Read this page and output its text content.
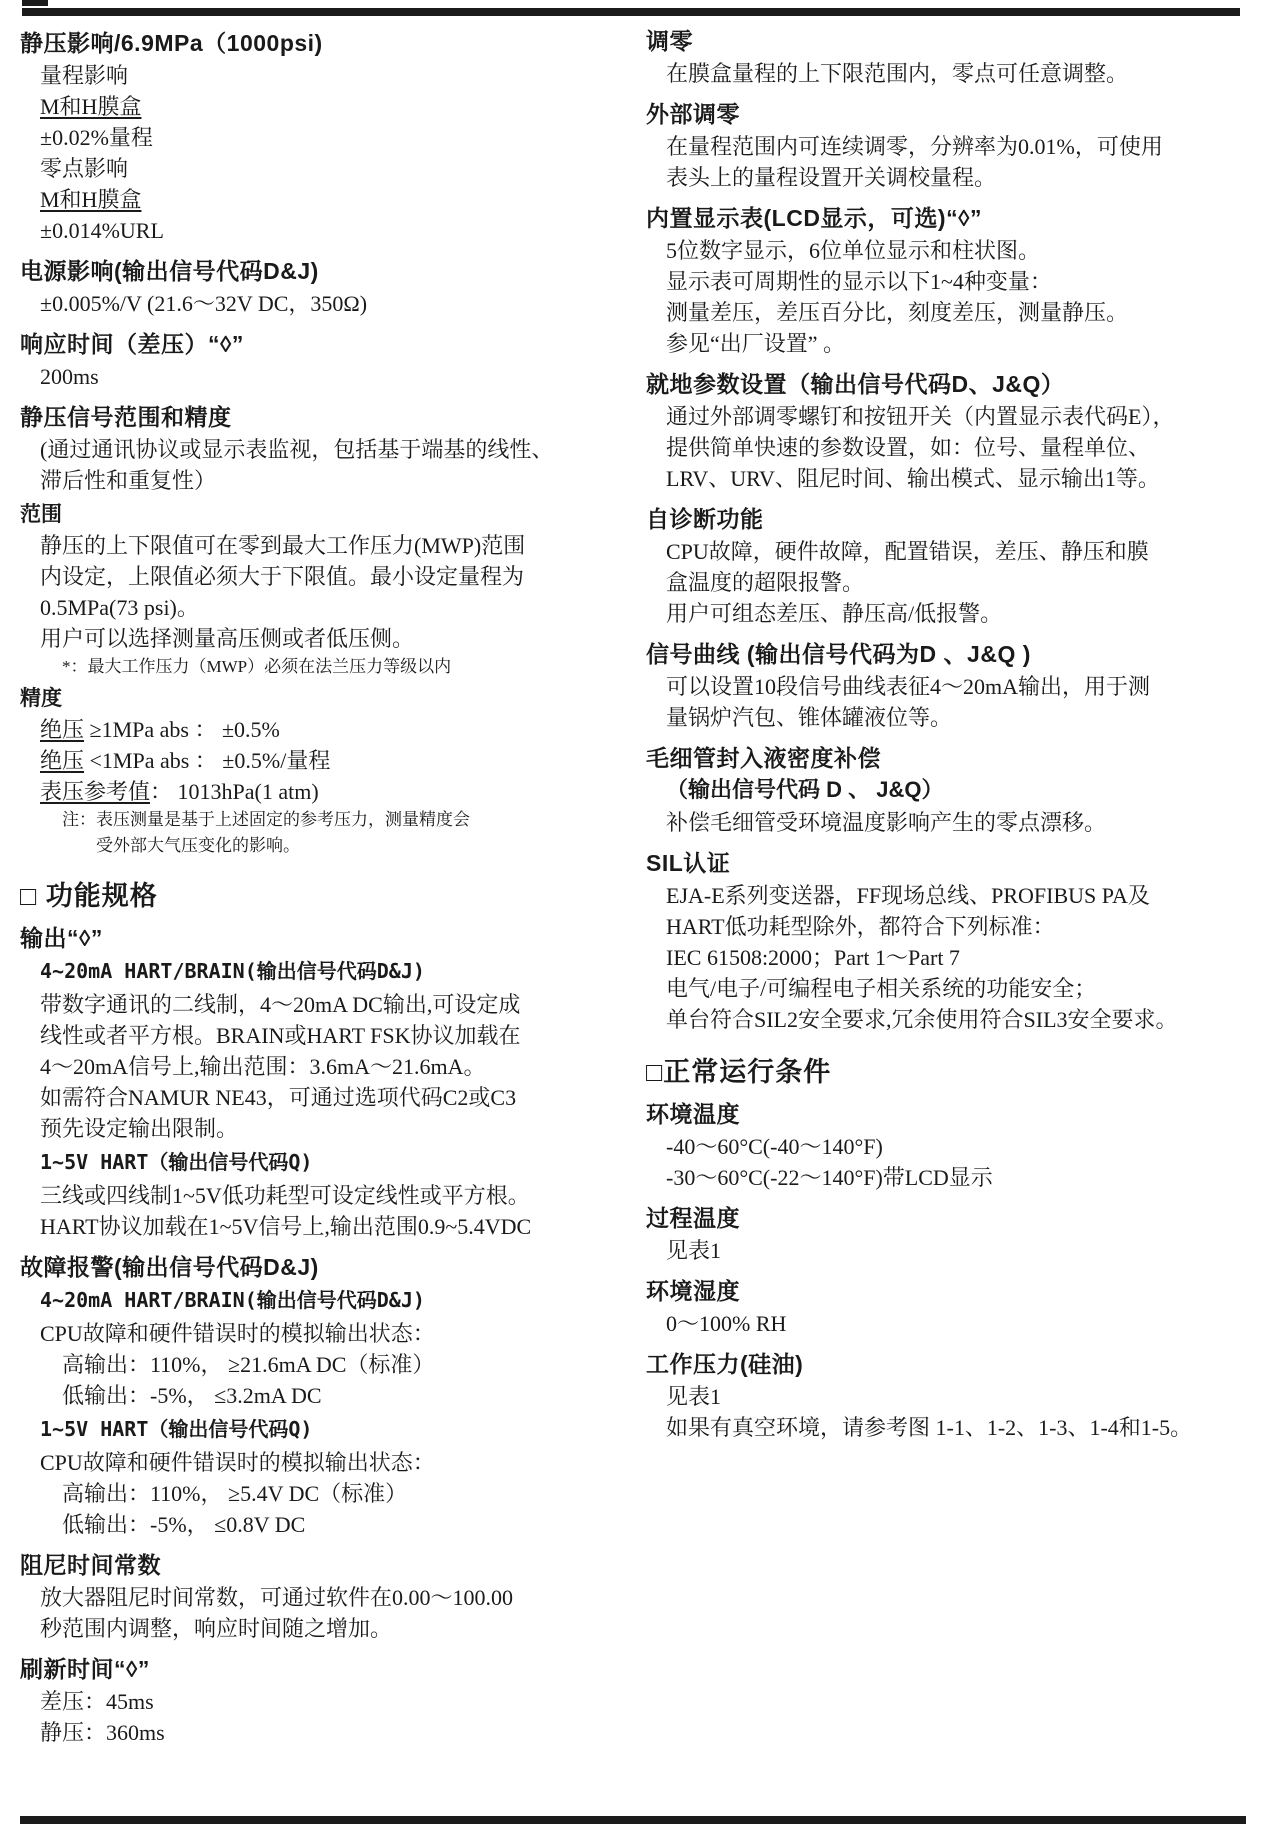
静压影响/6.9MPa（1000psi)
量程影响
M和H膜盒
±0.02%量程
零点影响
M和H膜盒
±0.014%URL
电源影响(输出信号代码D&J)
±0.005%/V (21.6～32V DC，350Ω)
响应时间（差压）“◊”
200ms
静压信号范围和精度
(通过通讯协议或显示表监视，包括基于端基的线性、
滞后性和重复性）
范围
静压的上下限值可在零到最大工作压力(MWP)范围
内设定，上限值必须大于下限值。最小设定量程为
0.5MPa(73 psi)。
用户可以选择测量高压侧或者低压侧。
*：最大工作压力（MWP）必须在法兰压力等级以内
精度
绝压 ≥1MPa abs ： ±0.5%
绝压 <1MPa abs ： ±0.5%/量程
表压参考值： 1013hPa(1 atm)
注：表压测量是基于上述固定的参考压力，测量精度会
受外部大气压变化的影响。
□ 功能规格
输出“◊”
4~20mA HART/BRAIN(输出信号代码D&J)
带数字通讯的二线制，4～20mA DC输出,可设定成
线性或者平方根。BRAIN或HART FSK协议加载在
4～20mA信号上,输出范围：3.6mA～21.6mA。
如需符合NAMUR NE43，可通过选项代码C2或C3
预先设定输出限制。
1~5V HART（输出信号代码Q)
三线或四线制1~5V低功耗型可设定线性或平方根。
HART协议加载在1~5V信号上,输出范围0.9~5.4VDC
故障报警(输出信号代码D&J)
4~20mA HART/BRAIN(输出信号代码D&J)
CPU故障和硬件错误时的模拟输出状态：
高输出：110%， ≥21.6mA DC（标准）
低输出：-5%， ≤3.2mA DC
1~5V HART（输出信号代码Q)
CPU故障和硬件错误时的模拟输出状态：
高输出：110%， ≥5.4V DC（标准）
低输出：-5%， ≤0.8V DC
阻尼时间常数
放大器阻尼时间常数，可通过软件在0.00～100.00
秒范围内调整，响应时间随之增加。
刷新时间“◊”
差压：45ms
静压：360ms
调零
在膜盒量程的上下限范围内，零点可任意调整。
外部调零
在量程范围内可连续调零，分辨率为0.01%，可使用
表头上的量程设置开关调校量程。
内置显示表(LCD显示，可选)“◊”
5位数字显示，6位单位显示和柱状图。
显示表可周期性的显示以下1~4种变量：
测量差压，差压百分比，刻度差压，测量静压。
参见“出厂设置” 。
就地参数设置（输出信号代码D、J&Q）
通过外部调零螺钉和按钮开关（内置显示表代码E），
提供简单快速的参数设置，如：位号、量程单位、
LRV、URV、阻尼时间、输出模式、显示输出1等。
自诊断功能
CPU故障，硬件故障，配置错误，差压、静压和膜
盒温度的超限报警。
用户可组态差压、静压高/低报警。
信号曲线 (输出信号代码为D 、J&Q )
可以设置10段信号曲线表征4～20mA输出，用于测
量锅炉汽包、锥体罐液位等。
毛细管封入液密度补偿
（输出信号代码 D 、 J&Q）
补偿毛细管受环境温度影响产生的零点漂移。
SIL认证
EJA-E系列变送器，FF现场总线、PROFIBUS PA及
HART低功耗型除外，都符合下列标准：
IEC 61508:2000；Part 1～Part 7
电气/电子/可编程电子相关系统的功能安全；
单台符合SIL2安全要求,冗余使用符合SIL3安全要求。
□正常运行条件
环境温度
-40～60°C(-40～140°F)
-30～60°C(-22～140°F)带LCD显示
过程温度
见表1
环境湿度
0～100% RH
工作压力(硅油)
见表1
如果有真空环境，请参考图 1-1、1-2、1-3、1-4和1-5。
